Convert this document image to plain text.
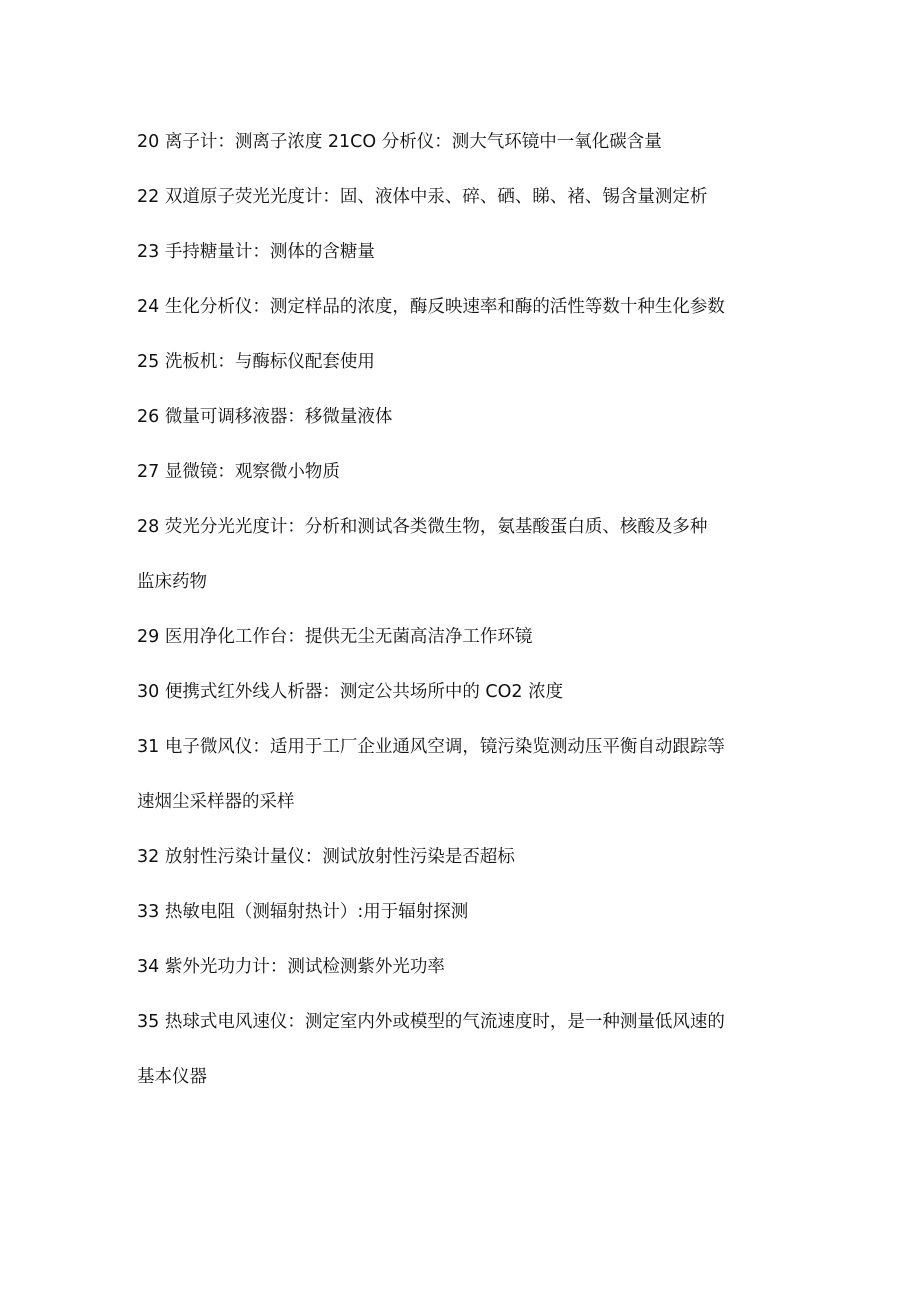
20 离子计：测离子浓度 21CO 分析仪：测大气环镜中一氧化碳含量
22 双道原子荧光光度计：固、液体中汞、碎、硒、睇、褚、锡含量测定析
23 手持糖量计：测体的含糖量
24 生化分析仪：测定样品的浓度，酶反映速率和酶的活性等数十种生化参数
25 洗板机：与酶标仪配套使用
26 微量可调移液器：移微量液体
27 显微镜：观察微小物质
28 荧光分光光度计：分析和测试各类微生物，氨基酸蛋白质、核酸及多种
监床药物
29 医用净化工作台：提供无尘无菌高洁净工作环镜
30 便携式红外线人析器：测定公共场所中的 CO2 浓度
31 电子微风仪：适用于工厂企业通风空调，镜污染览测动压平衡自动跟踪等
速烟尘采样器的采样
32 放射性污染计量仪：测试放射性污染是否超标
33 热敏电阻（测辐射热计）:用于辐射探测
34 紫外光功力计：测试检测紫外光功率
35 热球式电风速仪：测定室内外或模型的气流速度时，是一种测量低风速的
基本仪器
